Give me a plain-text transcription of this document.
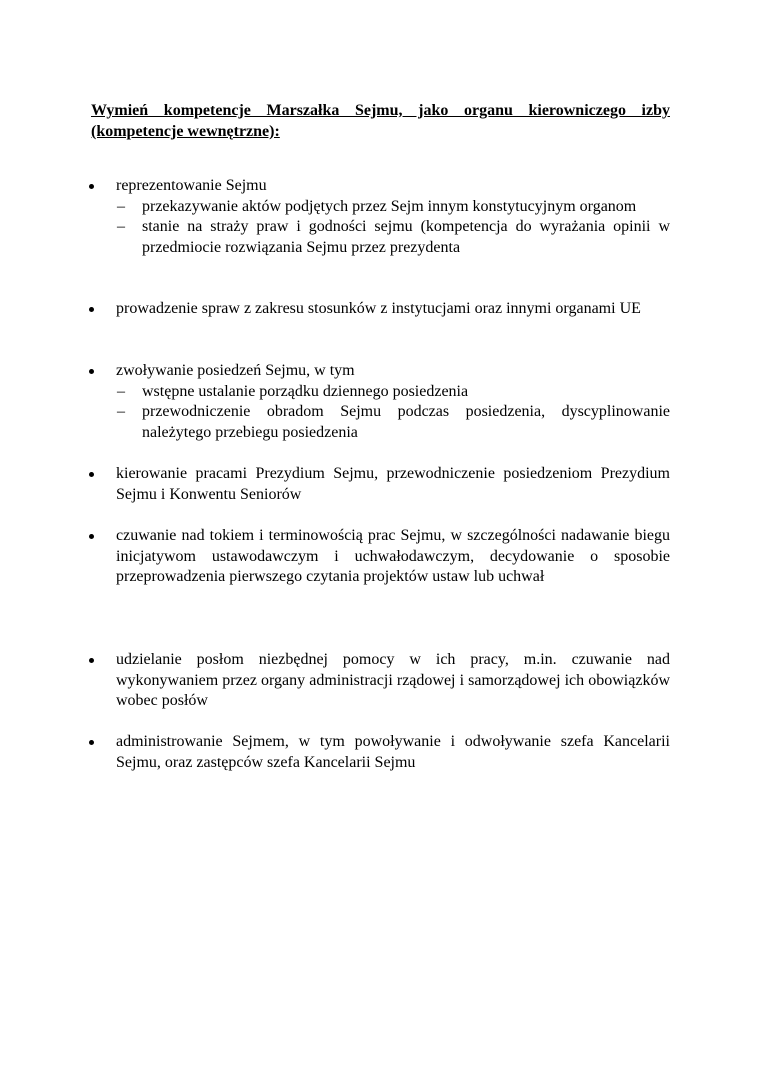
Wymień kompetencje Marszałka Sejmu, jako organu kierowniczego izby (kompetencje wewnętrzne):
reprezentowanie Sejmu
– przekazywanie aktów podjętych przez Sejm innym konstytucyjnym organom
– stanie na straży praw i godności sejmu (kompetencja do wyrażania opinii w przedmiocie rozwiązania Sejmu przez prezydenta
prowadzenie spraw z zakresu stosunków z instytucjami oraz innymi organami UE
zwoływanie posiedzeń Sejmu, w tym
– wstępne ustalanie porządku dziennego posiedzenia
– przewodniczenie obradom Sejmu podczas posiedzenia, dyscyplinowanie należytego przebiegu posiedzenia
kierowanie pracami Prezydium Sejmu, przewodniczenie posiedzeniom Prezydium Sejmu i Konwentu Seniorów
czuwanie nad tokiem i terminowością prac Sejmu, w szczególności nadawanie biegu inicjatywom ustawodawczym i uchwałodawczym, decydowanie o sposobie przeprowadzenia pierwszego czytania projektów ustaw lub uchwał
udzielanie posłom niezbędnej pomocy w ich pracy, m.in. czuwanie nad wykonywaniem przez organy administracji rządowej i samorządowej ich obowiązków wobec posłów
administrowanie Sejmem, w tym powoływanie i odwoływanie szefa Kancelarii Sejmu, oraz zastępców szefa Kancelarii Sejmu
